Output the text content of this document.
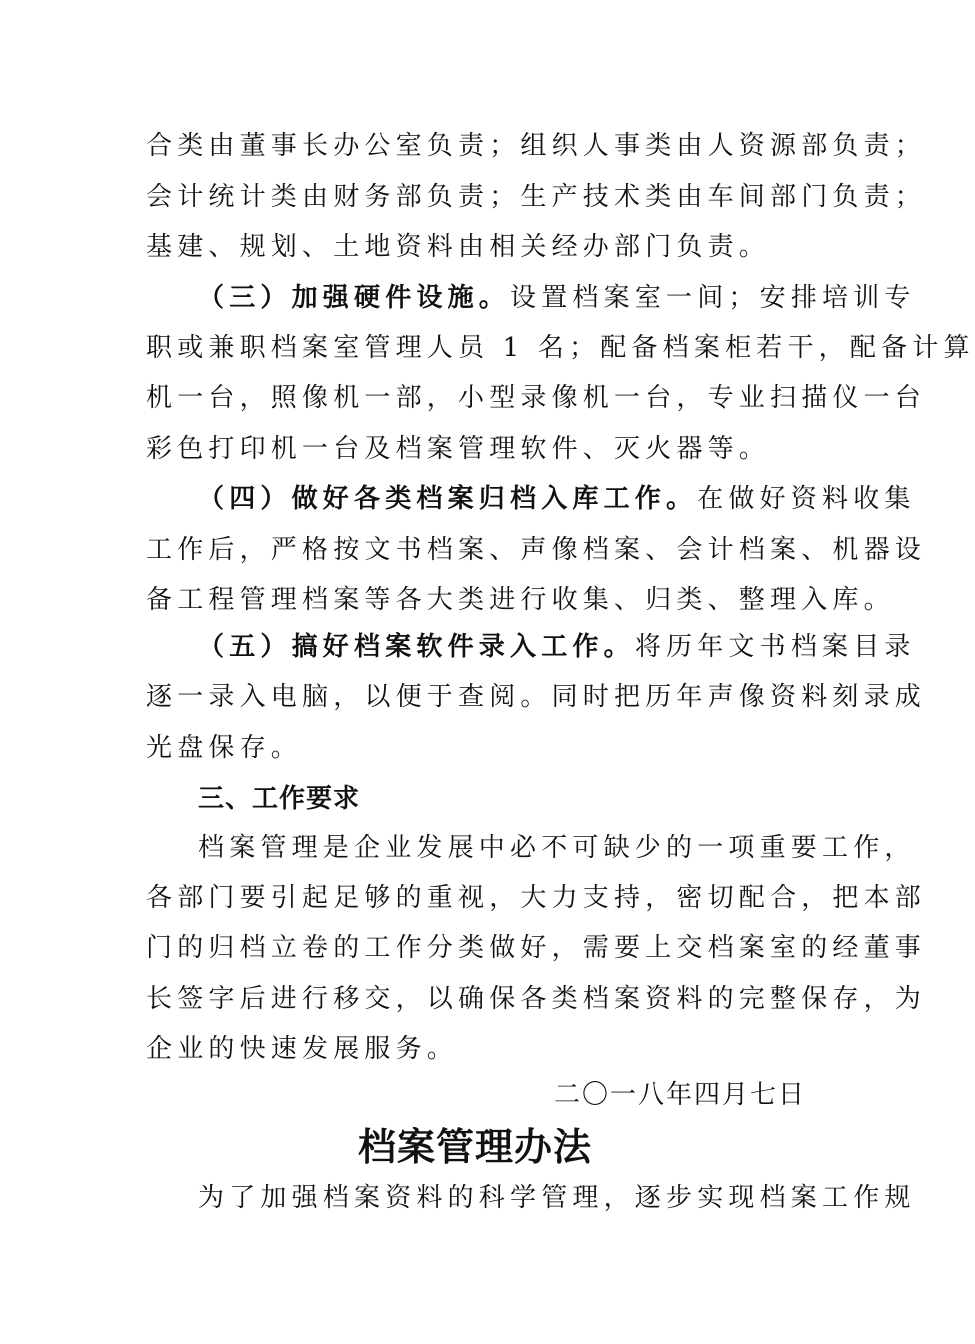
合类由董事长办公室负责；组织人事类由人资源部负责；
会计统计类由财务部负责；生产技术类由车间部门负责；
基建、规划、土地资料由相关经办部门负责。
（三）加强硬件设施。设置档案室一间；安排培训专
职或兼职档案室管理人员 1 名；配备档案柜若干，配备计算
机一台，照像机一部，小型录像机一台，专业扫描仪一台
彩色打印机一台及档案管理软件、灭火器等。
（四）做好各类档案归档入库工作。在做好资料收集
工作后，严格按文书档案、声像档案、会计档案、机器设
备工程管理档案等各大类进行收集、归类、整理入库。
（五）搞好档案软件录入工作。将历年文书档案目录
逐一录入电脑，以便于查阅。同时把历年声像资料刻录成
光盘保存。
三、工作要求
档案管理是企业发展中必不可缺少的一项重要工作，
各部门要引起足够的重视，大力支持，密切配合，把本部
门的归档立卷的工作分类做好，需要上交档案室的经董事
长签字后进行移交，以确保各类档案资料的完整保存，为
企业的快速发展服务。
二〇一八年四月七日
档案管理办法
为了加强档案资料的科学管理，逐步实现档案工作规
